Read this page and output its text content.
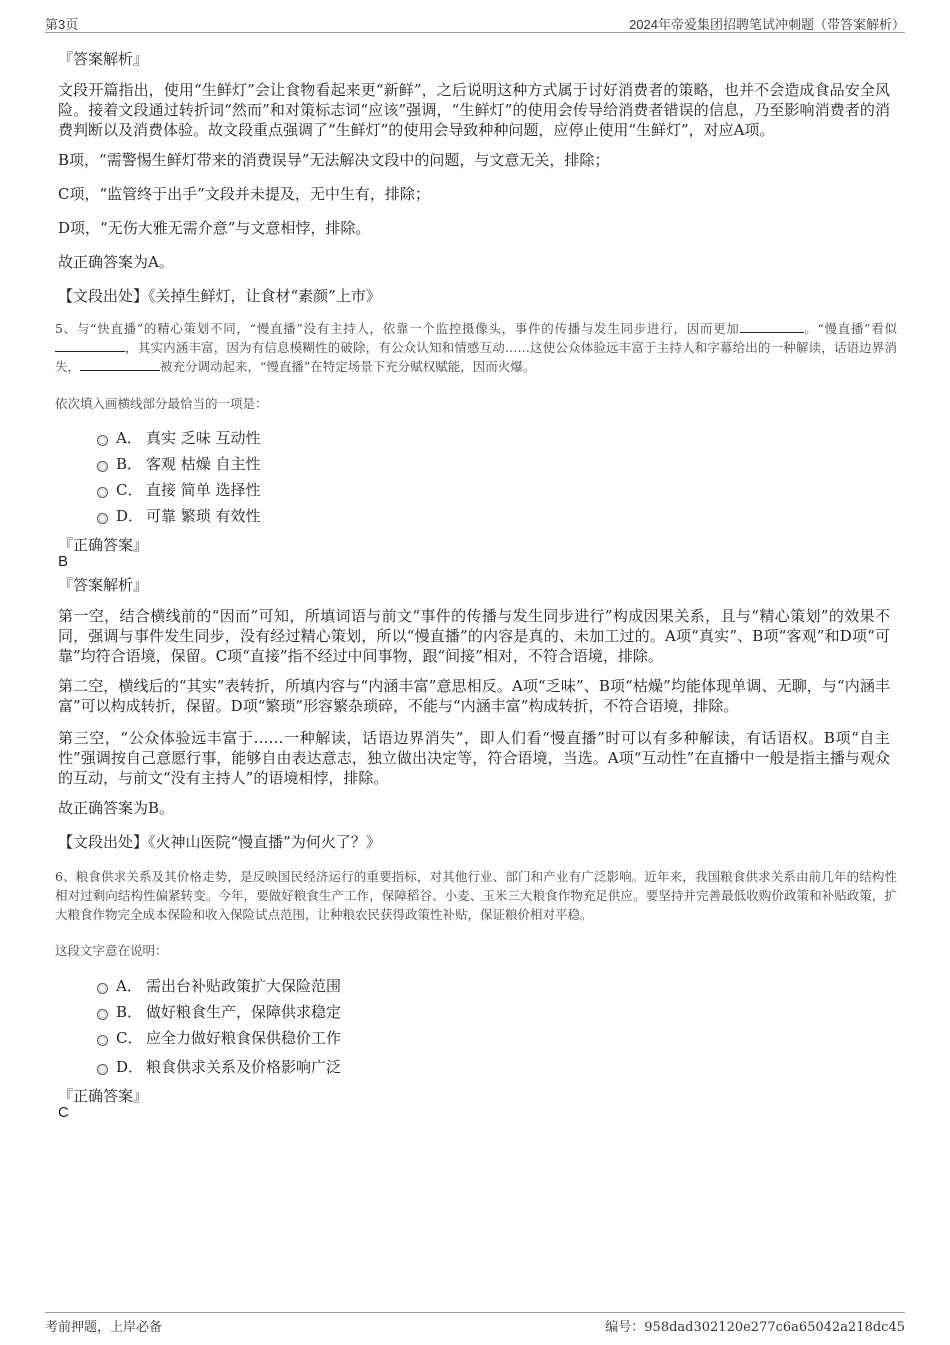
第3页	2024年帝爱集团招聘笔试冲刺题（带答案解析）
『答案解析』
文段开篇指出，使用“生鲜灯”会让食物看起来更“新鲜”，之后说明这种方式属于讨好消费者的策略，也并不会造成食品安全风险。接着文段通过转折词“然而”和对策标志词“应该”强调，“生鲜灯”的使用会传导给消费者错误的信息，乃至影响消费者的消费判断以及消费体验。故文段重点强调了“生鲜灯”的使用会导致种种问题，应停止使用“生鲜灯”，对应A项。
B项，“需警惕生鲜灯带来的消费误导”无法解决文段中的问题，与文意无关，排除；
C项，“监管终于出手”文段并未提及，无中生有，排除；
D项，“无伤大雅无需介意”与文意相悖，排除。
故正确答案为A。
【文段出处】《关掉生鲜灯，让食材“素颜”上市》
5、与“快直播”的精心策划不同，“慢直播”没有主持人，依靠一个监控摄像头，事件的传播与发生同步进行，因而更加	。“慢直播”看似，其实内涵丰富，因为有信息模糊性的破除，有公众认知和情感互动……这使公众体验远丰富于主持人和字幕给出的一种解读，话语边界消失，	被充分调动起来，“慢直播”在特定场景下充分赋权赋能，因而火爆。
依次填入画横线部分最恰当的一项是：
A． 真实 乏味 互动性
B． 客观 枯燥 自主性
C． 直接 简单 选择性
D． 可靠 繁琐 有效性
『正确答案』
B
『答案解析』
第一空，结合横线前的“因而”可知，所填词语与前文“事件的传播与发生同步进行”构成因果关系，且与“精心策划”的效果不同，强调与事件发生同步，没有经过精心策划，所以“慢直播”的内容是真的、未加工过的。A项“真实”、B项“客观”和D项“可靠”均符合语境，保留。C项“直接”指不经过中间事物，跟“间接”相对，不符合语境，排除。
第二空，横线后的“其实”表转折，所填内容与“内涵丰富”意思相反。A项“乏味”、B项“枯燥”均能体现单调、无聊，与“内涵丰富”可以构成转折，保留。D项“繁琐”形容繁杂琐碎，不能与“内涵丰富”构成转折，不符合语境，排除。
第三空，“公众体验远丰富于……一种解读，话语边界消失”，即人们看“慢直播”时可以有多种解读，有话语权。B项“自主性”强调按自己意愿行事，能够自由表达意志，独立做出决定等，符合语境，当选。A项“互动性”在直播中一般是指主播与观众的互动，与前文“没有主持人”的语境相悖，排除。
故正确答案为B。
【文段出处】《火神山医院“慢直播”为何火了？》
6、粮食供求关系及其价格走势，是反映国民经济运行的重要指标，对其他行业、部门和产业有广泛影响。近年来，我国粮食供求关系由前几年的结构性相对过剩向结构性偏紧转变。今年，要做好粮食生产工作，保障稻谷、小麦、玉米三大粮食作物充足供应。要坚持并完善最低收购价政策和补贴政策，扩大粮食作物完全成本保险和收入保险试点范围，让种粮农民获得政策性补贴，保证粮价相对平稳。
这段文字意在说明：
A． 需出台补贴政策扩大保险范围
B． 做好粮食生产，保障供求稳定
C． 应全力做好粮食保供稳价工作
D． 粮食供求关系及价格影响广泛
『正确答案』
C
考前押题，上岸必备	编号：958dad302120e277c6a65042a218dc45
